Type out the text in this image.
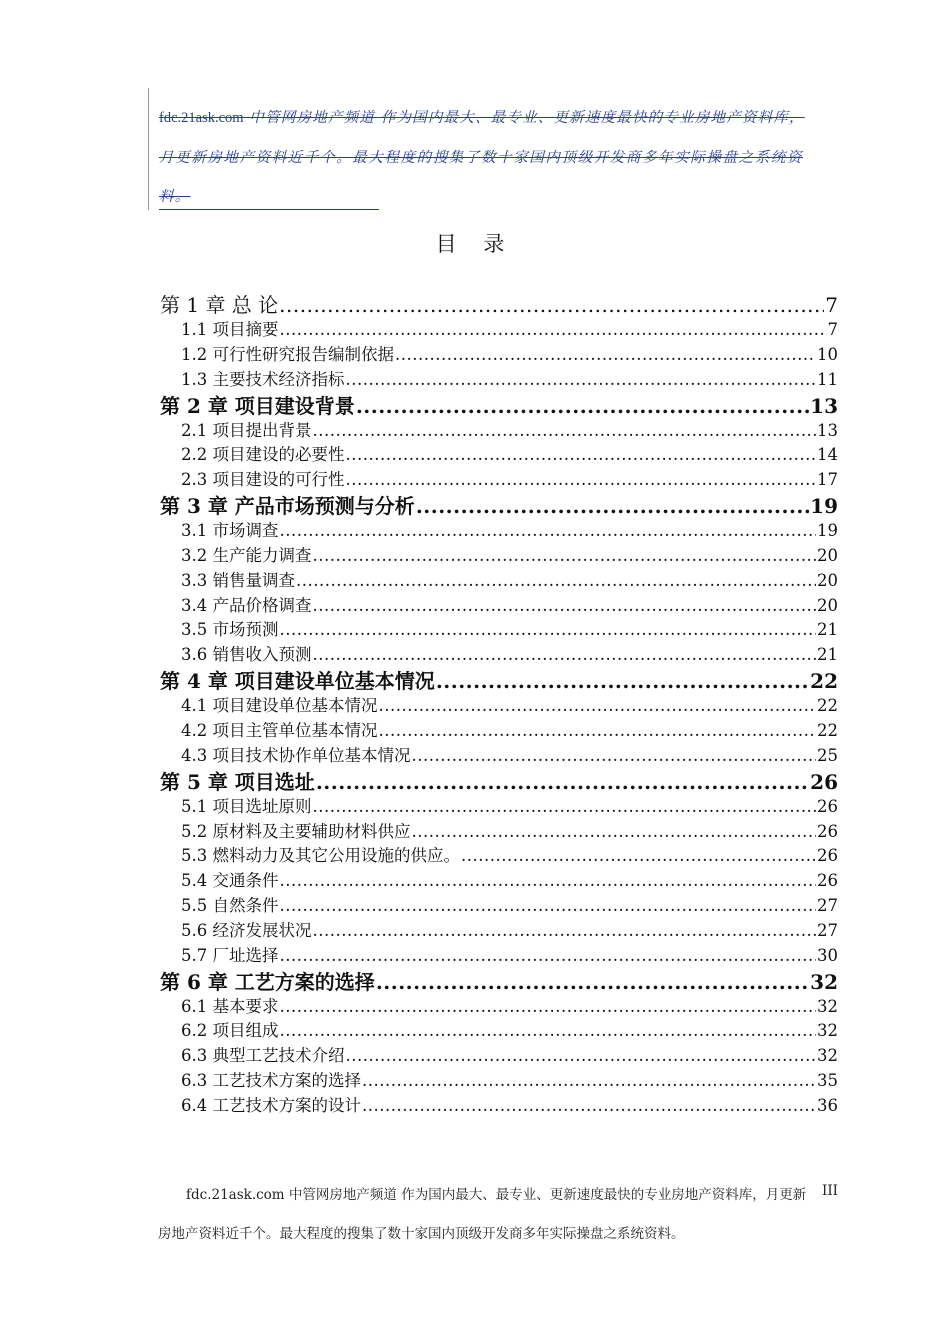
fdc.21ask.com 中管网房地产频道 作为国内最大、最专业、更新速度最快的专业房地产资料库，
月更新房地产资料近千个。最大程度的搜集了数十家国内顶级开发商多年实际操盘之系统资
料。
目 录
第 1 章 总 论 .....	7
1.1 项目摘要 .....	7
1.2 可行性研究报告编制依据 .....	10
1.3 主要技术经济指标 .....	11
第 2 章 项目建设背景 .....	13
2.1 项目提出背景 .....	13
2.2 项目建设的必要性 .....	14
2.3 项目建设的可行性 .....	17
第 3 章 产品市场预测与分析 .....	19
3.1 市场调查 .....	19
3.2 生产能力调查 .....	20
3.3 销售量调查 .....	20
3.4 产品价格调查 .....	20
3.5 市场预测 .....	21
3.6 销售收入预测 .....	21
第 4 章 项目建设单位基本情况 .....	22
4.1 项目建设单位基本情况 .....	22
4.2 项目主管单位基本情况 .....	22
4.3 项目技术协作单位基本情况 .....	25
第 5 章 项目选址 .....	26
5.1 项目选址原则 .....	26
5.2 原材料及主要辅助材料供应 .....	26
5.3 燃料动力及其它公用设施的供应。 .....	26
5.4 交通条件 .....	26
5.5 自然条件 .....	27
5.6 经济发展状况 .....	27
5.7 厂址选择 .....	30
第 6 章 工艺方案的选择 .....	32
6.1 基本要求 .....	32
6.2 项目组成 .....	32
6.3 典型工艺技术介绍 .....	32
6.3 工艺技术方案的选择 .....	35
6.4 工艺技术方案的设计 .....	36
fdc.21ask.com 中管网房地产频道 作为国内最大、最专业、更新速度最快的专业房地产资料库，月更新 III
房地产资料近千个。最大程度的搜集了数十家国内顶级开发商多年实际操盘之系统资料。
